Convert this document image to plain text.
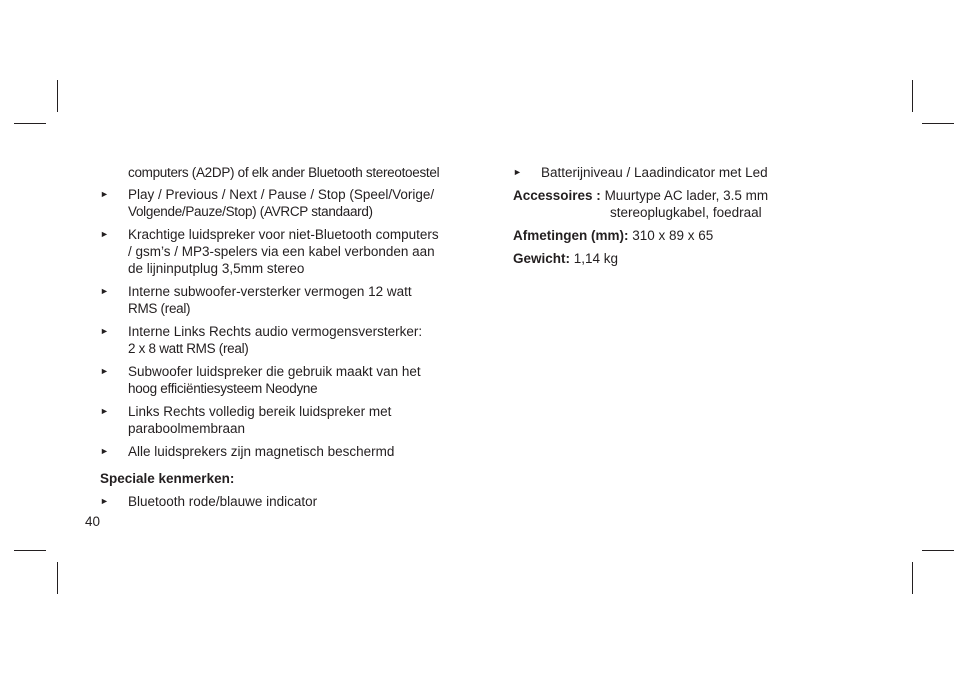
computers (A2DP) of elk ander Bluetooth stereotoestel
► Play / Previous / Next / Pause / Stop (Speel/Vorige/
Volgende/Pauze/Stop) (AVRCP standaard)
► Krachtige luidspreker voor niet-Bluetooth computers
/ gsm’s / MP3-spelers via een kabel verbonden aan
de lijninputplug 3,5mm stereo
► Interne subwoofer-versterker vermogen 12 watt
RMS (real)
► Interne Links Rechts audio vermogensversterker:
2 x 8 watt RMS (real)
► Subwoofer luidspreker die gebruik maakt van het
hoog efficiëntiesysteem Neodyne
► Links Rechts volledig bereik luidspreker met
paraboolmembraan
► Alle luidsprekers zijn magnetisch beschermd
Speciale kenmerken:
► Bluetooth rode/blauwe indicator
► Batterijniveau / Laadindicator met Led
Accessoires : Muurtype AC lader, 3.5 mm
stereoplugkabel, foedraal
Afmetingen (mm): 310 x 89 x 65
Gewicht: 1,14 kg
40
